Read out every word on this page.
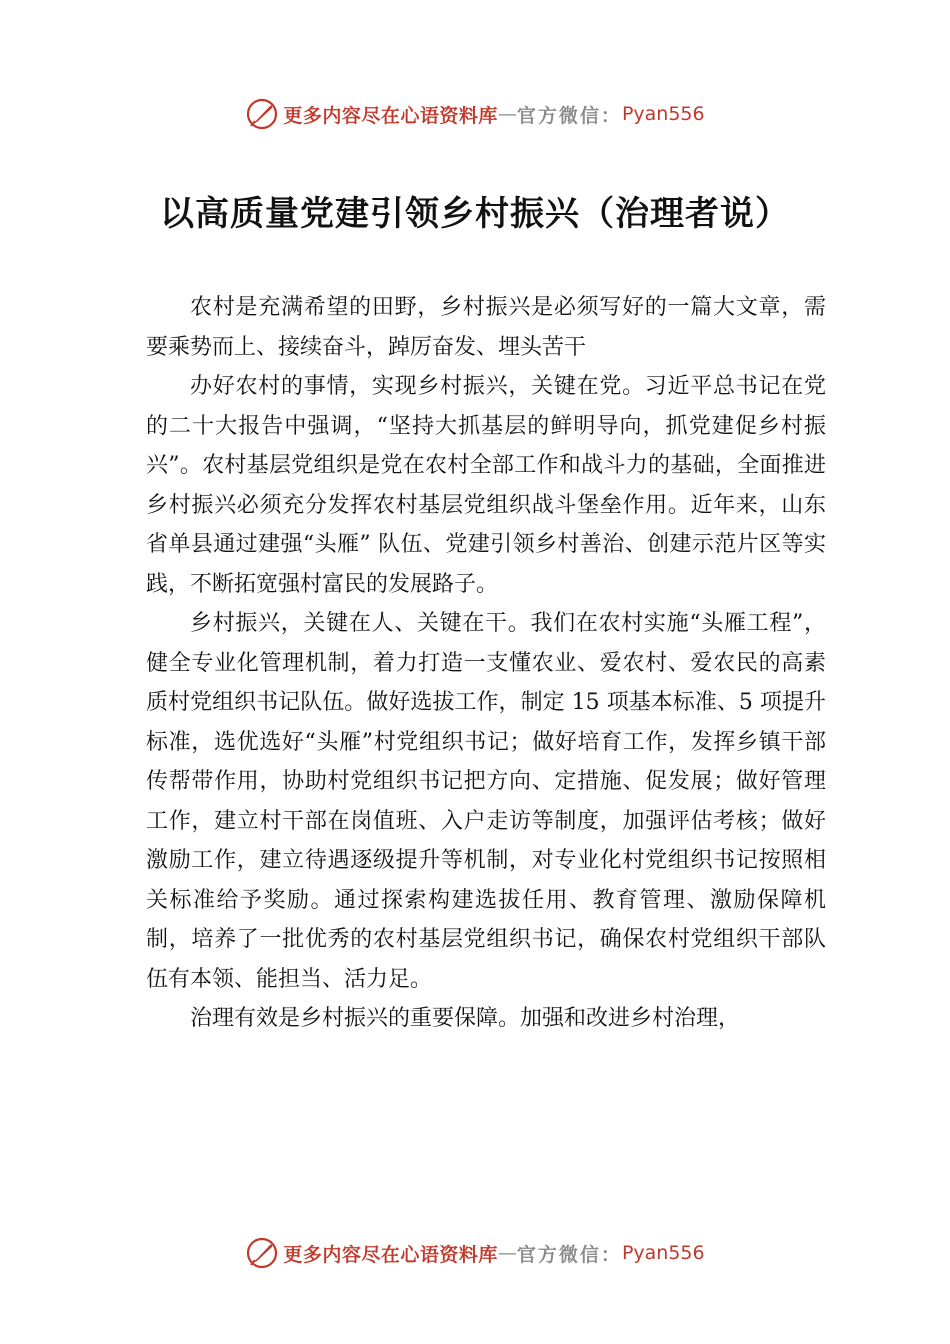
更多内容尽在心语资料库 — 官方微信： Pyan556
以高质量党建引领乡村振兴（治理者说）

农村是充满希望的田野，乡村振兴是必须写好的一篇大文章，需要乘势而上、接续奋斗，踔厉奋发、埋头苦干

办好农村的事情，实现乡村振兴，关键在党。习近平总书记在党的二十大报告中强调，“坚持大抓基层的鲜明导向，抓党建促乡村振兴”。农村基层党组织是党在农村全部工作和战斗力的基础，全面推进乡村振兴必须充分发挥农村基层党组织战斗堡垒作用。近年来，山东省单县通过建强“头雁” 队伍、党建引领乡村善治、创建示范片区等实践，不断拓宽强村富民的发展路子。

乡村振兴，关键在人、关键在干。我们在农村实施“头雁工程”，健全专业化管理机制，着力打造一支懂农业、爱农村、爱农民的高素质村党组织书记队伍。做好选拔工作，制定 15 项基本标准、5 项提升标准，选优选好“头雁”村党组织书记；做好培育工作，发挥乡镇干部传帮带作用，协助村党组织书记把方向、定措施、促发展；做好管理工作，建立村干部在岗值班、入户走访等制度，加强评估考核；做好激励工作，建立待遇逐级提升等机制，对专业化村党组织书记按照相关标准给予奖励。通过探索构建选拔任用、教育管理、激励保障机制，培养了一批优秀的农村基层党组织书记，确保农村党组织干部队伍有本领、能担当、活力足。

治理有效是乡村振兴的重要保障。加强和改进乡村治理，

更多内容尽在心语资料库 — 官方微信： Pyan556
